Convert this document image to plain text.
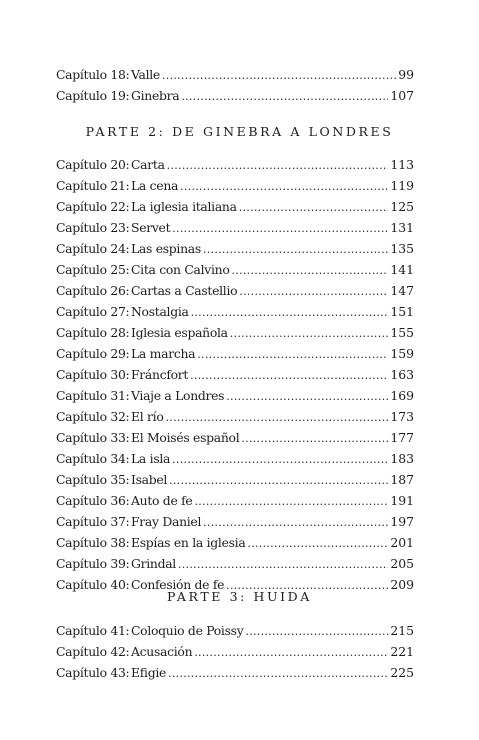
PARTE 2: DE GINEBRA A LONDRES
PARTE 3: HUIDA
Capítulo 18: Valle . . .	99
Capítulo 19: Ginebra . . .	107
Capítulo 20: Carta . . .	113
Capítulo 21: La cena . . .	119
Capítulo 22: La iglesia italiana . . .	125
Capítulo 23: Servet . . .	131
Capítulo 24: Las espinas . . .	135
Capítulo 25: Cita con Calvino . . .	141
Capítulo 26: Cartas a Castellio . . .	147
Capítulo 27: Nostalgia . . .	151
Capítulo 28: Iglesia española . . .	155
Capítulo 29: La marcha . . .	159
Capítulo 30: Fráncfort . . .	163
Capítulo 31: Viaje a Londres . . .	169
Capítulo 32: El río . . .	173
Capítulo 33: El Moisés español . . .	177
Capítulo 34: La isla . . .	183
Capítulo 35: Isabel . . .	187
Capítulo 36: Auto de fe . . .	191
Capítulo 37: Fray Daniel . . .	197
Capítulo 38: Espías en la iglesia . . .	201
Capítulo 39: Grindal . . .	205
Capítulo 40: Confesión de fe . . .	209
Capítulo 41: Coloquio de Poissy . . .	215
Capítulo 42: Acusación . . .	221
Capítulo 43: Efigie . . .	225
